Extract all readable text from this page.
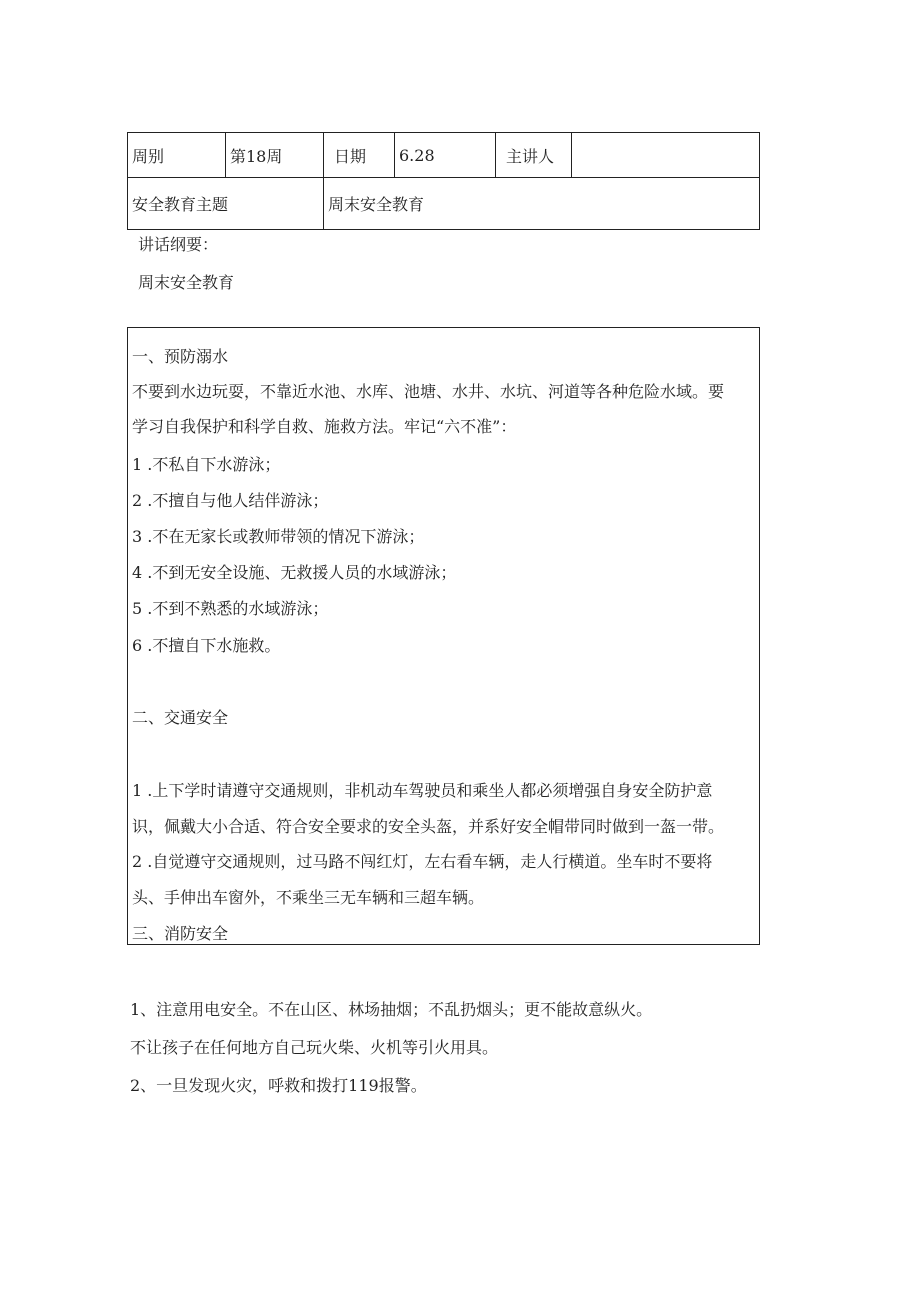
周别	第18周	日期	6.28	主讲人	
安全教育主题		周末安全教育			
讲话纲要：
周末安全教育
一、预防溺水
不要到水边玩耍，不靠近水池、水库、池塘、水井、水坑、河道等各种危险水域。要
学习自我保护和科学自救、施救方法。牢记“六不准”：
1 .不私自下水游泳；
2 .不擅自与他人结伴游泳；
3 .不在无家长或教师带领的情况下游泳；
4 .不到无安全设施、无救援人员的水域游泳；
5 .不到不熟悉的水域游泳；
6 .不擅自下水施救。
二、交通安全
1 .上下学时请遵守交通规则，非机动车驾驶员和乘坐人都必须增强自身安全防护意
识，佩戴大小合适、符合安全要求的安全头盔，并系好安全帽带同时做到一盔一带。
2 .自觉遵守交通规则，过马路不闯红灯，左右看车辆，走人行横道。坐车时不要将
头、手伸出车窗外，不乘坐三无车辆和三超车辆。
三、消防安全
1、注意用电安全。不在山区、林场抽烟；不乱扔烟头；更不能故意纵火。
不让孩子在任何地方自己玩火柴、火机等引火用具。
2、一旦发现火灾，呼救和拨打119报警。
